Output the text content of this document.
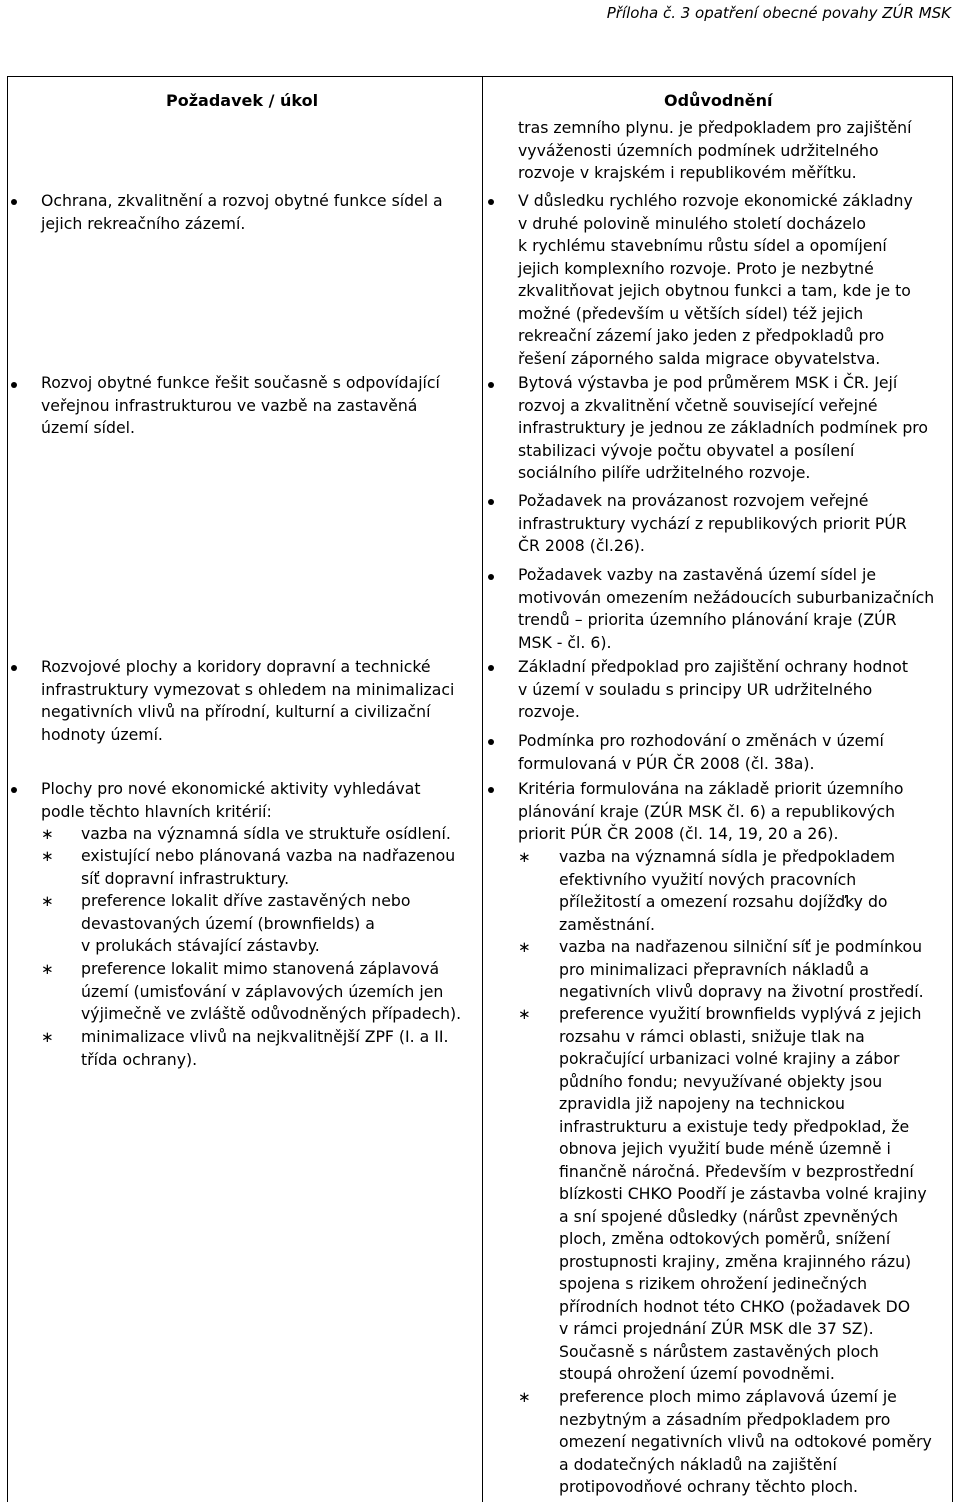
Příloha č. 3 opatření obecné povahy ZÚR MSK
Požadavek / úkol	Odůvodnění

Ochrana, zkvalitnění a rozvoj obytné funkce sídel a

jejich rekreačního zázemí.

Rozvoj obytné funkce řešit současně s odpovídající

veřejnou infrastrukturou ve vazbě na zastavěná

území sídel.

Rozvojové plochy a koridory dopravní a technické

infrastruktury vymezovat s ohledem na minimalizaci

negativních vlivů na přírodní, kulturní a civilizační

hodnoty území.

Plochy pro nové ekonomické aktivity vyhledávat

podle těchto hlavních kritérií:

∗ vazba na významná sídla ve struktuře osídlení.

∗ existující nebo plánovaná vazba na nadřazenou

síť dopravní infrastruktury.

∗ preference lokalit dříve zastavěných nebo

devastovaných území (brownfields) a

v prolukách stávající zástavby.

∗ preference lokalit mimo stanovená záplavová

území (umisťování v záplavových územích jen

výjimečně ve zvláště odůvodněných případech).

∗ minimalizace vlivů na nejkvalitnější ZPF (I. a II.

třída ochrany).

tras zemního plynu. je předpokladem pro zajištění

vyváženosti územních podmínek udržitelného

rozvoje v krajském i republikovém měřítku.

V důsledku rychlého rozvoje ekonomické základny

v druhé polovině minulého století docházelo

k rychlému stavebnímu růstu sídel a opomíjení

jejich komplexního rozvoje. Proto je nezbytné

zkvalitňovat jejich obytnou funkci a tam, kde je to

možné (především u větších sídel) též jejich

rekreační zázemí jako jeden z předpokladů pro

řešení záporného salda migrace obyvatelstva.

Bytová výstavba je pod průměrem MSK i ČR. Její

rozvoj a zkvalitnění včetně související veřejné

infrastruktury je jednou ze základních podmínek pro

stabilizaci vývoje počtu obyvatel a posílení

sociálního pilíře udržitelného rozvoje.

Požadavek na provázanost rozvojem veřejné

infrastruktury vychází z republikových priorit PÚR

ČR 2008 (čl.26).

Požadavek vazby na zastavěná území sídel je

motivován omezením nežádoucích suburbanizačních

trendů – priorita územního plánování kraje (ZÚR

MSK - čl. 6).

Základní předpoklad pro zajištění ochrany hodnot

v území v souladu s principy UR udržitelného

rozvoje.

Podmínka pro rozhodování o změnách v území

formulovaná v PÚR ČR 2008 (čl. 38a).

Kritéria formulována na základě priorit územního

plánování kraje (ZÚR MSK čl. 6) a republikových

priorit PÚR ČR 2008 (čl. 14, 19, 20 a 26).

∗ vazba na významná sídla je předpokladem

efektivního využití nových pracovních

příležitostí a omezení rozsahu dojížďky do

zaměstnání.

∗ vazba na nadřazenou silniční síť je podmínkou

pro minimalizaci přepravních nákladů a

negativních vlivů dopravy na životní prostředí.

∗ preference využití brownfields vyplývá z jejich

rozsahu v rámci oblasti, snižuje tlak na

pokračující urbanizaci volné krajiny a zábor

půdního fondu; nevyužívané objekty jsou

zpravidla již napojeny na technickou

infrastrukturu a existuje tedy předpoklad, že

obnova jejich využití bude méně územně i

finančně náročná. Především v bezprostřední

blízkosti CHKO Poodří je zástavba volné krajiny

a sní spojené důsledky (nárůst zpevněných

ploch, změna odtokových poměrů, snížení

prostupnosti krajiny, změna krajinného rázu)

spojena s rizikem ohrožení jedinečných

přírodních hodnot této CHKO (požadavek DO

v rámci projednání ZÚR MSK dle 37 SZ).

Současně s nárůstem zastavěných ploch

stoupá ohrožení území povodněmi.

∗ preference ploch mimo záplavová území je

nezbytným a zásadním předpokladem pro

omezení negativních vlivů na odtokové poměry

a dodatečných nákladů na zajištění

protipovodňové ochrany těchto ploch.
